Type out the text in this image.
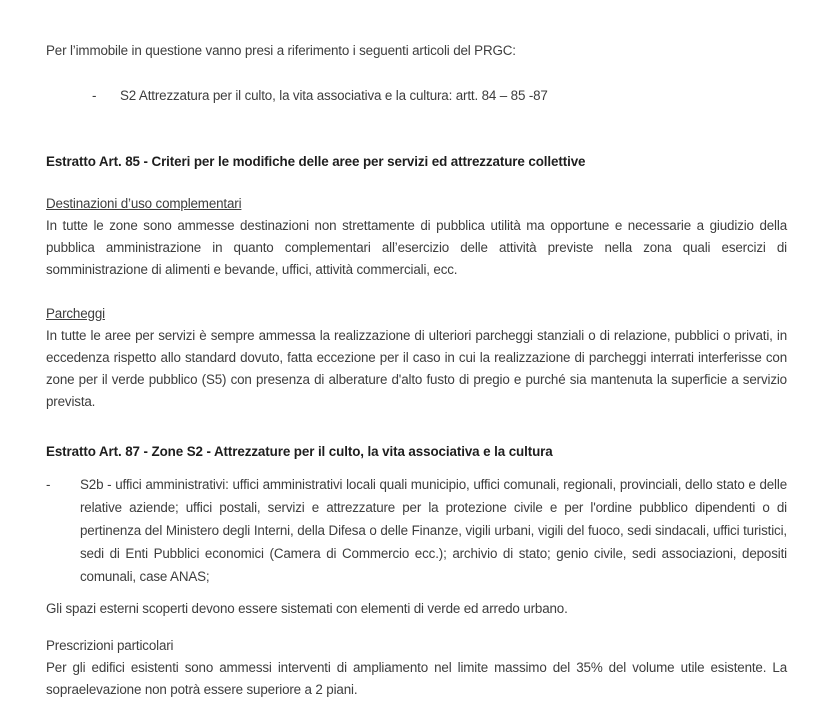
Per l’immobile in questione vanno presi a riferimento i seguenti articoli del PRGC:

-	S2 Attrezzatura per il culto, la vita associativa e la cultura: artt. 84 – 85 -87

Estratto Art. 85 - Criteri per le modifiche delle aree per servizi ed attrezzature collettive

Destinazioni d’uso complementari

In tutte le zone sono ammesse destinazioni non strettamente di pubblica utilità ma opportune e necessarie a giudizio della pubblica amministrazione in quanto complementari all’esercizio delle attività previste nella zona quali esercizi di somministrazione di alimenti e bevande, uffici, attività commerciali, ecc.

Parcheggi

In tutte le aree per servizi è sempre ammessa la realizzazione di ulteriori parcheggi stanziali o di relazione, pubblici o privati, in eccedenza rispetto allo standard dovuto, fatta eccezione per il caso in cui la realizzazione di parcheggi interrati interferisse con zone per il verde pubblico (S5) con presenza di alberature d'alto fusto di pregio e purché sia mantenuta la superficie a servizio prevista.

Estratto Art. 87 - Zone S2 - Attrezzature per il culto, la vita associativa e la cultura

-	S2b - uffici amministrativi: uffici amministrativi locali quali municipio, uffici comunali, regionali, provinciali, dello stato e delle relative aziende; uffici postali, servizi e attrezzature per la protezione civile e per l'ordine pubblico dipendenti o di pertinenza del Ministero degli Interni, della Difesa o delle Finanze, vigili urbani, vigili del fuoco, sedi sindacali, uffici turistici, sedi di Enti Pubblici economici (Camera di Commercio ecc.); archivio di stato; genio civile, sedi associazioni, depositi comunali, case ANAS;

Gli spazi esterni scoperti devono essere sistemati con elementi di verde ed arredo urbano.

Prescrizioni particolari

Per gli edifici esistenti sono ammessi interventi di ampliamento nel limite massimo del 35% del volume utile esistente. La sopraelevazione non potrà essere superiore a 2 piani.
